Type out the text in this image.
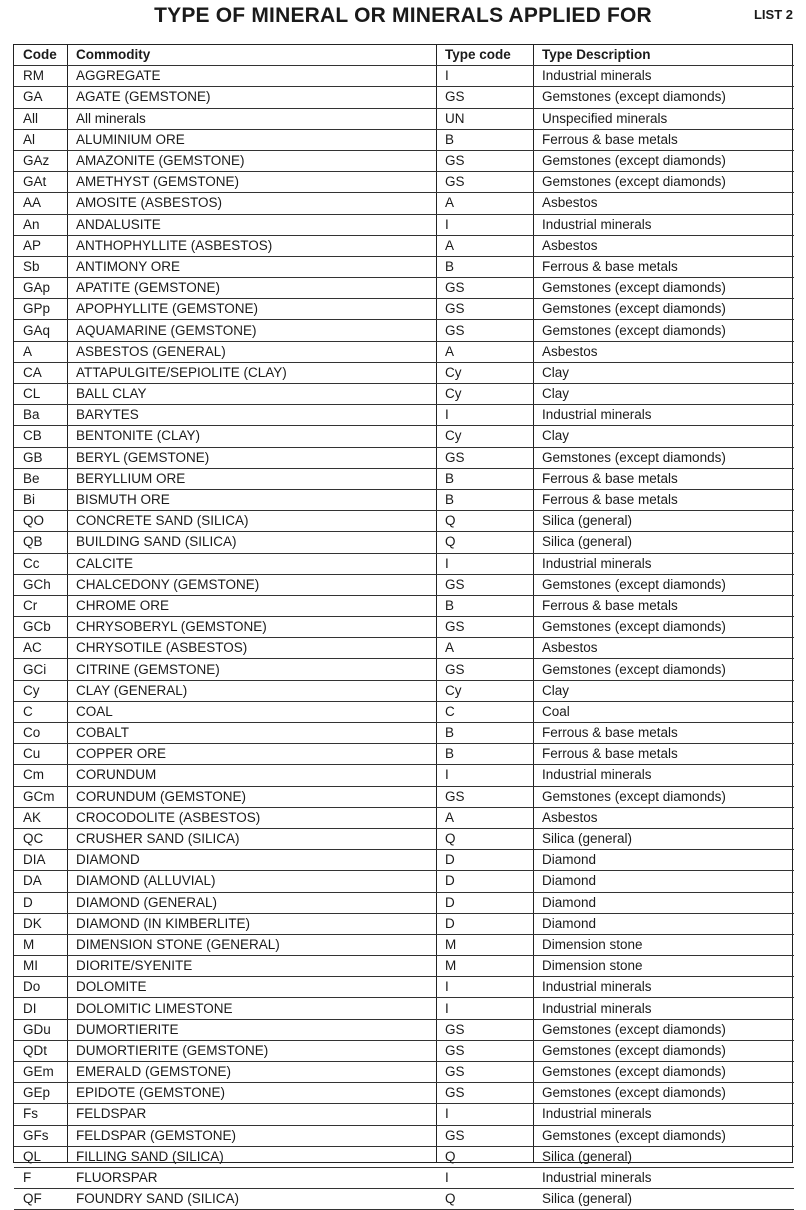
TYPE OF MINERAL OR MINERALS APPLIED FOR	LIST 2
Code	Commodity	Type code	Type Description
RM	AGGREGATE	I	Industrial minerals
GA	AGATE (GEMSTONE)	GS	Gemstones (except diamonds)
All	All minerals	UN	Unspecified minerals
Al	ALUMINIUM ORE	B	Ferrous & base metals
GAz	AMAZONITE (GEMSTONE)	GS	Gemstones (except diamonds)
GAt	AMETHYST (GEMSTONE)	GS	Gemstones (except diamonds)
AA	AMOSITE (ASBESTOS)	A	Asbestos
An	ANDALUSITE	I	Industrial minerals
AP	ANTHOPHYLLITE (ASBESTOS)	A	Asbestos
Sb	ANTIMONY ORE	B	Ferrous & base metals
GAp	APATITE (GEMSTONE)	GS	Gemstones (except diamonds)
GPp	APOPHYLLITE (GEMSTONE)	GS	Gemstones (except diamonds)
GAq	AQUAMARINE (GEMSTONE)	GS	Gemstones (except diamonds)
A	ASBESTOS (GENERAL)	A	Asbestos
CA	ATTAPULGITE/SEPIOLITE (CLAY)	Cy	Clay
CL	BALL CLAY	Cy	Clay
Ba	BARYTES	I	Industrial minerals
CB	BENTONITE (CLAY)	Cy	Clay
GB	BERYL (GEMSTONE)	GS	Gemstones (except diamonds)
Be	BERYLLIUM ORE	B	Ferrous & base metals
Bi	BISMUTH ORE	B	Ferrous & base metals
QO	CONCRETE SAND (SILICA)	Q	Silica (general)
QB	BUILDING SAND (SILICA)	Q	Silica (general)
Cc	CALCITE	I	Industrial minerals
GCh	CHALCEDONY (GEMSTONE)	GS	Gemstones (except diamonds)
Cr	CHROME ORE	B	Ferrous & base metals
GCb	CHRYSOBERYL (GEMSTONE)	GS	Gemstones (except diamonds)
AC	CHRYSOTILE (ASBESTOS)	A	Asbestos
GCi	CITRINE (GEMSTONE)	GS	Gemstones (except diamonds)
Cy	CLAY (GENERAL)	Cy	Clay
C	COAL	C	Coal
Co	COBALT	B	Ferrous & base metals
Cu	COPPER ORE	B	Ferrous & base metals
Cm	CORUNDUM	I	Industrial minerals
GCm	CORUNDUM (GEMSTONE)	GS	Gemstones (except diamonds)
AK	CROCODOLITE (ASBESTOS)	A	Asbestos
QC	CRUSHER SAND (SILICA)	Q	Silica (general)
DIA	DIAMOND	D	Diamond
DA	DIAMOND (ALLUVIAL)	D	Diamond
D	DIAMOND (GENERAL)	D	Diamond
DK	DIAMOND (IN KIMBERLITE)	D	Diamond
M	DIMENSION STONE (GENERAL)	M	Dimension stone
MI	DIORITE/SYENITE	M	Dimension stone
Do	DOLOMITE	I	Industrial minerals
DI	DOLOMITIC LIMESTONE	I	Industrial minerals
GDu	DUMORTIERITE	GS	Gemstones (except diamonds)
QDt	DUMORTIERITE (GEMSTONE)	GS	Gemstones (except diamonds)
GEm	EMERALD (GEMSTONE)	GS	Gemstones (except diamonds)
GEp	EPIDOTE (GEMSTONE)	GS	Gemstones (except diamonds)
Fs	FELDSPAR	I	Industrial minerals
GFs	FELDSPAR (GEMSTONE)	GS	Gemstones (except diamonds)
QL	FILLING SAND (SILICA)	Q	Silica (general)
F	FLUORSPAR	I	Industrial minerals
QF	FOUNDRY SAND (SILICA)	Q	Silica (general)
